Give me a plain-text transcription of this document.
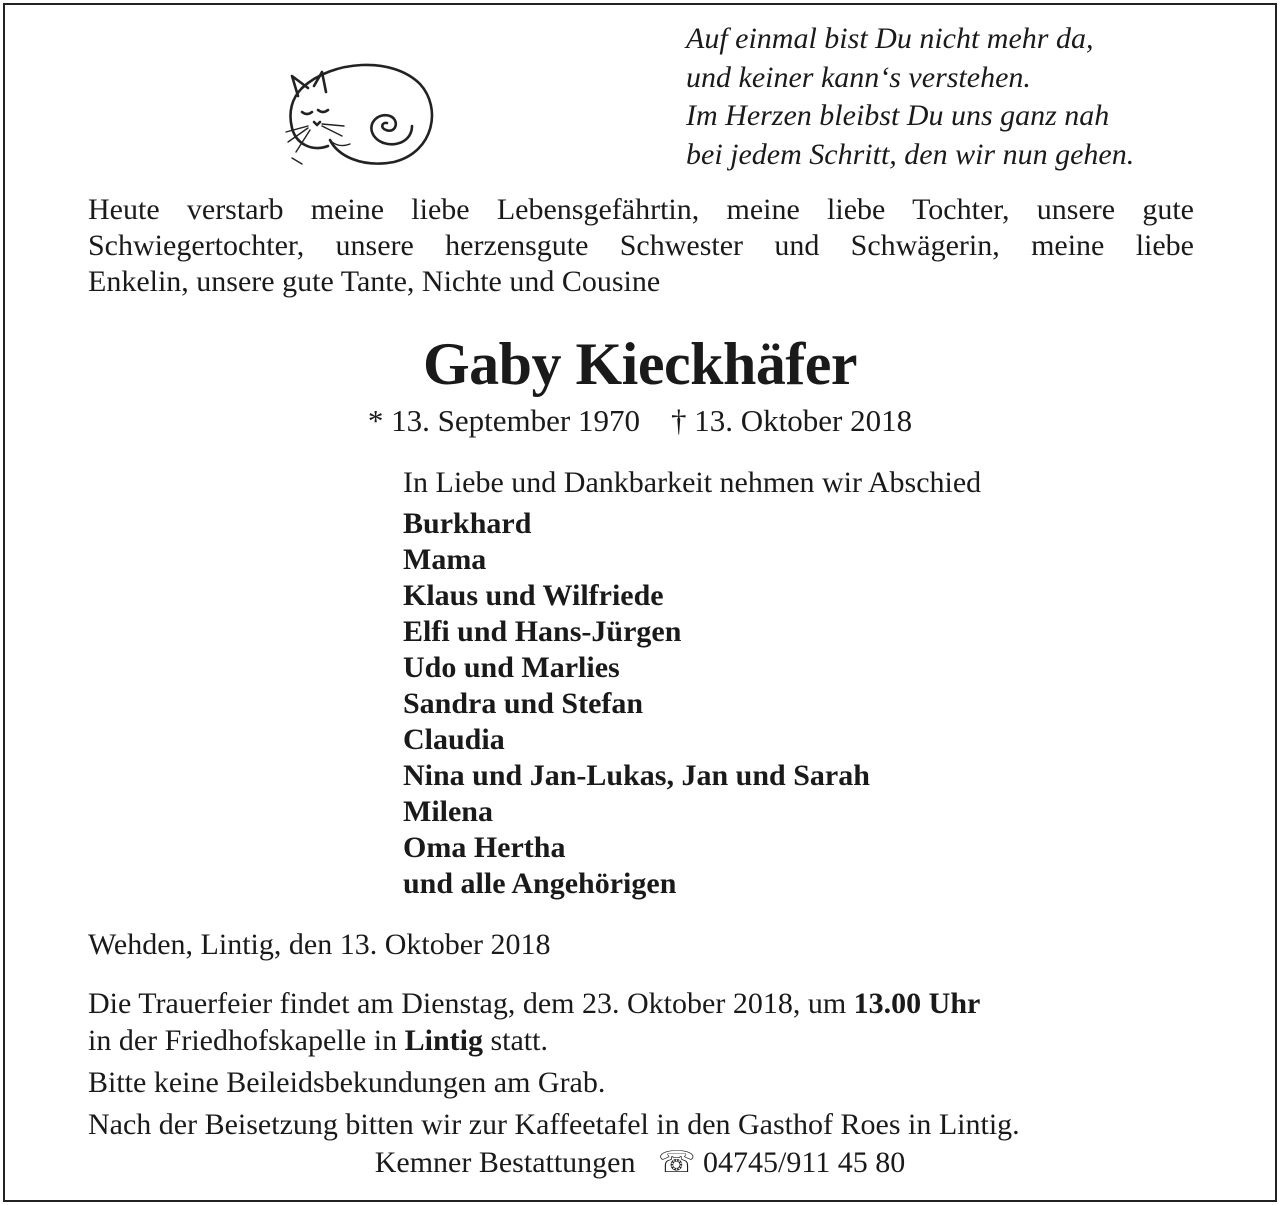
Auf einmal bist Du nicht mehr da,
und keiner kann‘s verstehen.
Im Herzen bleibst Du uns ganz nah
bei jedem Schritt, den wir nun gehen.
Heute verstarb meine liebe Lebensgefährtin, meine liebe Tochter, unsere gute
Schwiegertochter, unsere herzensgute Schwester und Schwägerin, meine liebe
Enkelin, unsere gute Tante, Nichte und Cousine
Gaby Kieckhäfer
* 13. September 1970 † 13. Oktober 2018
In Liebe und Dankbarkeit nehmen wir Abschied
Burkhard
Mama
Klaus und Wilfriede
Elfi und Hans-Jürgen
Udo und Marlies
Sandra und Stefan
Claudia
Nina und Jan-Lukas, Jan und Sarah
Milena
Oma Hertha
und alle Angehörigen
Wehden, Lintig, den 13. Oktober 2018
Die Trauerfeier findet am Dienstag, dem 23. Oktober 2018, um 13.00 Uhr
in der Friedhofskapelle in Lintig statt.
Bitte keine Beileidsbekundungen am Grab.
Nach der Beisetzung bitten wir zur Kaffeetafel in den Gasthof Roes in Lintig.
Kemner Bestattungen ☏ 04745/911 45 80
